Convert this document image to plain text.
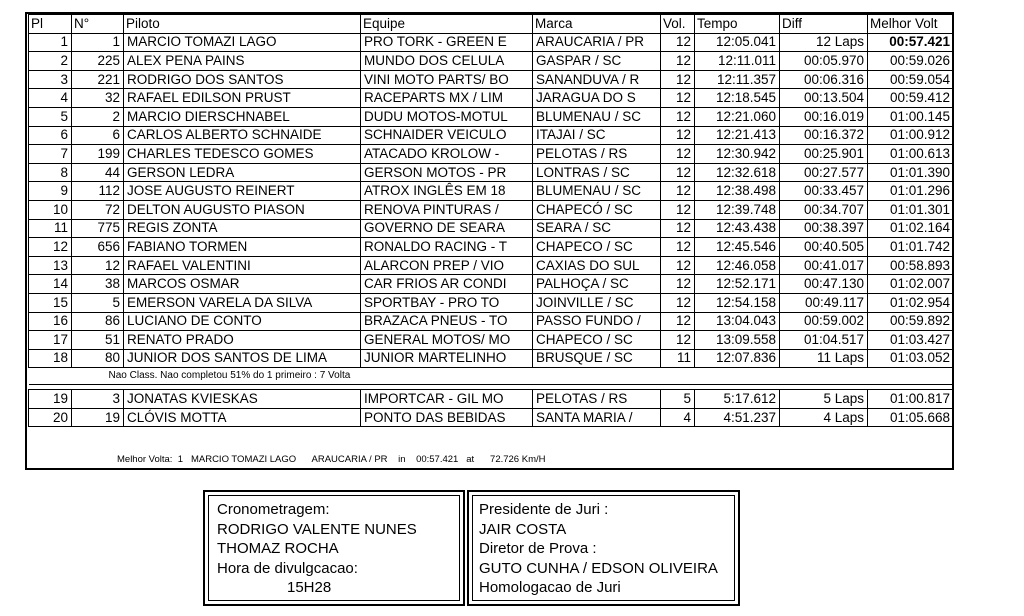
Pl	N°	Piloto	Equipe	Marca	Vol.	Tempo	Diff	Melhor Volt
1	1	MARCIO TOMAZI LAGO	PRO TORK - GREEN E	ARAUCARIA / PR	12	12:05.041	12 Laps	00:57.421
2	225	ALEX PENA PAINS	MUNDO DOS CELULA	GASPAR / SC	12	12:11.011	00:05.970	00:59.026
3	221	RODRIGO DOS SANTOS	VINI MOTO PARTS/ BO	SANANDUVA / R	12	12:11.357	00:06.316	00:59.054
4	32	RAFAEL EDILSON PRUST	RACEPARTS MX / LIM	JARAGUA DO S	12	12:18.545	00:13.504	00:59.412
5	2	MARCIO DIERSCHNABEL	DUDU MOTOS-MOTUL	BLUMENAU / SC	12	12:21.060	00:16.019	01:00.145
6	6	CARLOS ALBERTO SCHNAIDE	SCHNAIDER VEICULO	ITAJAI / SC	12	12:21.413	00:16.372	01:00.912
7	199	CHARLES TEDESCO GOMES	ATACADO KROLOW -	PELOTAS / RS	12	12:30.942	00:25.901	01:00.613
8	44	GERSON LEDRA	GERSON MOTOS - PR	LONTRAS / SC	12	12:32.618	00:27.577	01:01.390
9	112	JOSE AUGUSTO REINERT	ATROX INGLÊS EM 18	BLUMENAU / SC	12	12:38.498	00:33.457	01:01.296
10	72	DELTON AUGUSTO PIASON	RENOVA PINTURAS /	CHAPECÓ / SC	12	12:39.748	00:34.707	01:01.301
11	775	REGIS ZONTA	GOVERNO DE SEARA	SEARA / SC	12	12:43.438	00:38.397	01:02.164
12	656	FABIANO TORMEN	RONALDO RACING - T	CHAPECO / SC	12	12:45.546	00:40.505	01:01.742
13	12	RAFAEL VALENTINI	ALARCON PREP / VIO	CAXIAS DO SUL	12	12:46.058	00:41.017	00:58.893
14	38	MARCOS OSMAR	CAR FRIOS AR CONDI	PALHOÇA / SC	12	12:52.171	00:47.130	01:02.007
15	5	EMERSON VARELA DA SILVA	SPORTBAY - PRO TO	JOINVILLE / SC	12	12:54.158	00:49.117	01:02.954
16	86	LUCIANO DE CONTO	BRAZACA PNEUS - TO	PASSO FUNDO /	12	13:04.043	00:59.002	00:59.892
17	51	RENATO PRADO	GENERAL MOTOS/ MO	CHAPECO / SC	12	13:09.558	01:04.517	01:03.427
18	80	JUNIOR DOS SANTOS DE LIMA	JUNIOR MARTELINHO	BRUSQUE / SC	11	12:07.836	11 Laps	01:03.052
Nao Class. Nao completou 51% do 1 primeiro : 7 Volta								

19	3	JONATAS KVIESKAS	IMPORTCAR - GIL MO	PELOTAS / RS	5	5:17.612	5 Laps	01:00.817
20	19	CLÓVIS MOTTA	PONTO DAS BEBIDAS	SANTA MARIA /	4	4:51.237	4 Laps	01:05.668
Melhor Volta: 1 MARCIO TOMAZI LAGO ARAUCARIA / PR in 00:57.421 at 72.726 Km/H
Cronometragem:
RODRIGO VALENTE NUNES
THOMAZ ROCHA
Hora de divulgcacao:
15H28
Presidente de Juri :
JAIR COSTA
Diretor de Prova :
GUTO CUNHA / EDSON OLIVEIRA
Homologacao de Juri
